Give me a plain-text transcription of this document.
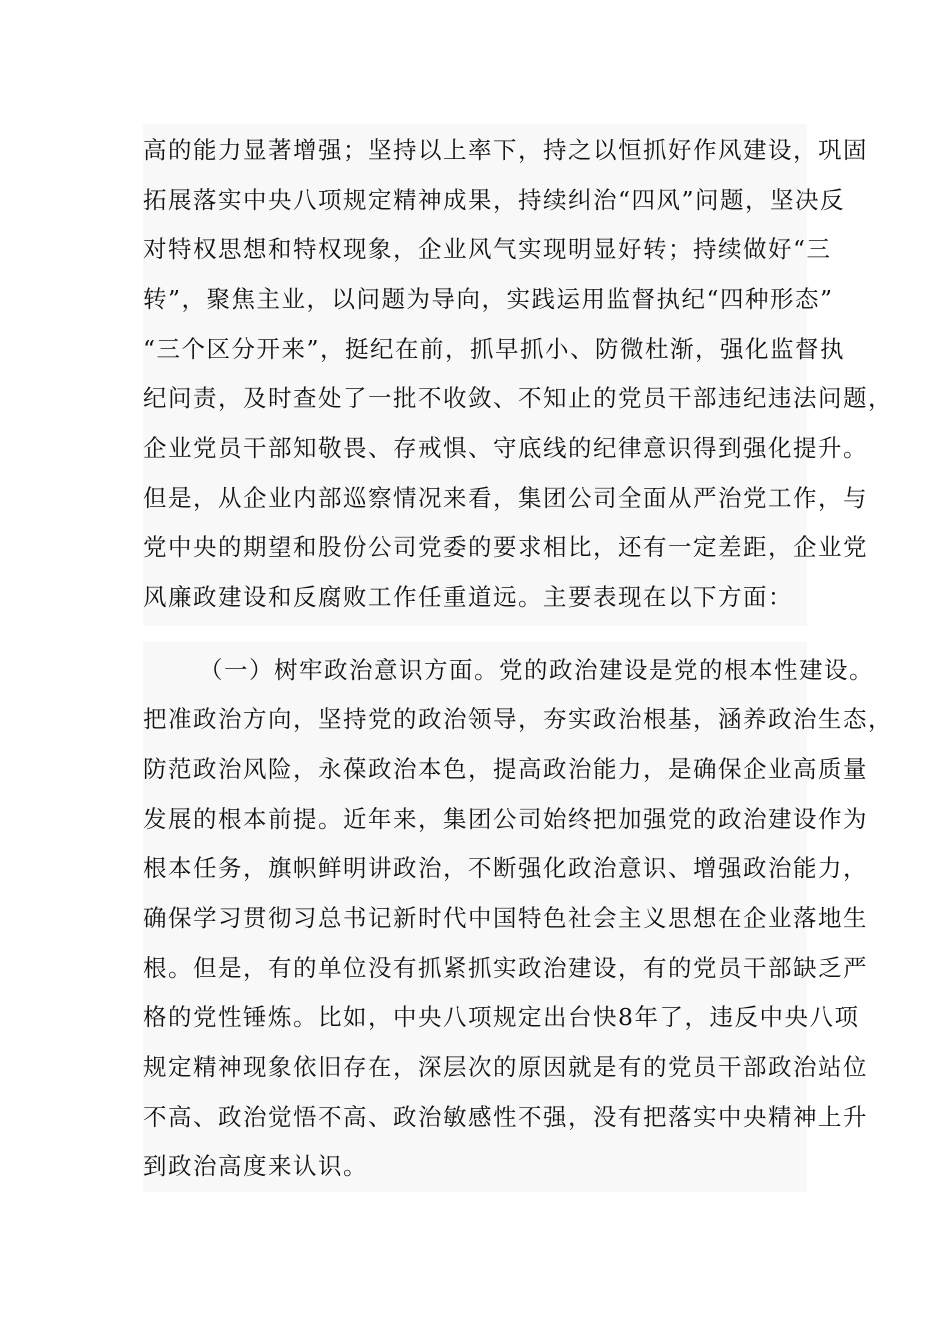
高的能力显著增强；坚持以上率下，持之以恒抓好作风建设，巩固
拓展落实中央八项规定精神成果，持续纠治“四风”问题，坚决反
对特权思想和特权现象，企业风气实现明显好转；持续做好“三
转”，聚焦主业，以问题为导向，实践运用监督执纪“四种形态”
“三个区分开来”，挺纪在前，抓早抓小、防微杜渐，强化监督执
纪问责，及时查处了一批不收敛、不知止的党员干部违纪违法问题，
企业党员干部知敬畏、存戒惧、守底线的纪律意识得到强化提升。
但是，从企业内部巡察情况来看，集团公司全面从严治党工作，与
党中央的期望和股份公司党委的要求相比，还有一定差距，企业党
风廉政建设和反腐败工作任重道远。主要表现在以下方面：
（一）树牢政治意识方面。党的政治建设是党的根本性建设。
把准政治方向，坚持党的政治领导，夯实政治根基，涵养政治生态，
防范政治风险，永葆政治本色，提高政治能力，是确保企业高质量
发展的根本前提。近年来，集团公司始终把加强党的政治建设作为
根本任务，旗帜鲜明讲政治，不断强化政治意识、增强政治能力，
确保学习贯彻习总书记新时代中国特色社会主义思想在企业落地生
根。但是，有的单位没有抓紧抓实政治建设，有的党员干部缺乏严
格的党性锤炼。比如，中央八项规定出台快8年了，违反中央八项
规定精神现象依旧存在，深层次的原因就是有的党员干部政治站位
不高、政治觉悟不高、政治敏感性不强，没有把落实中央精神上升
到政治高度来认识。
